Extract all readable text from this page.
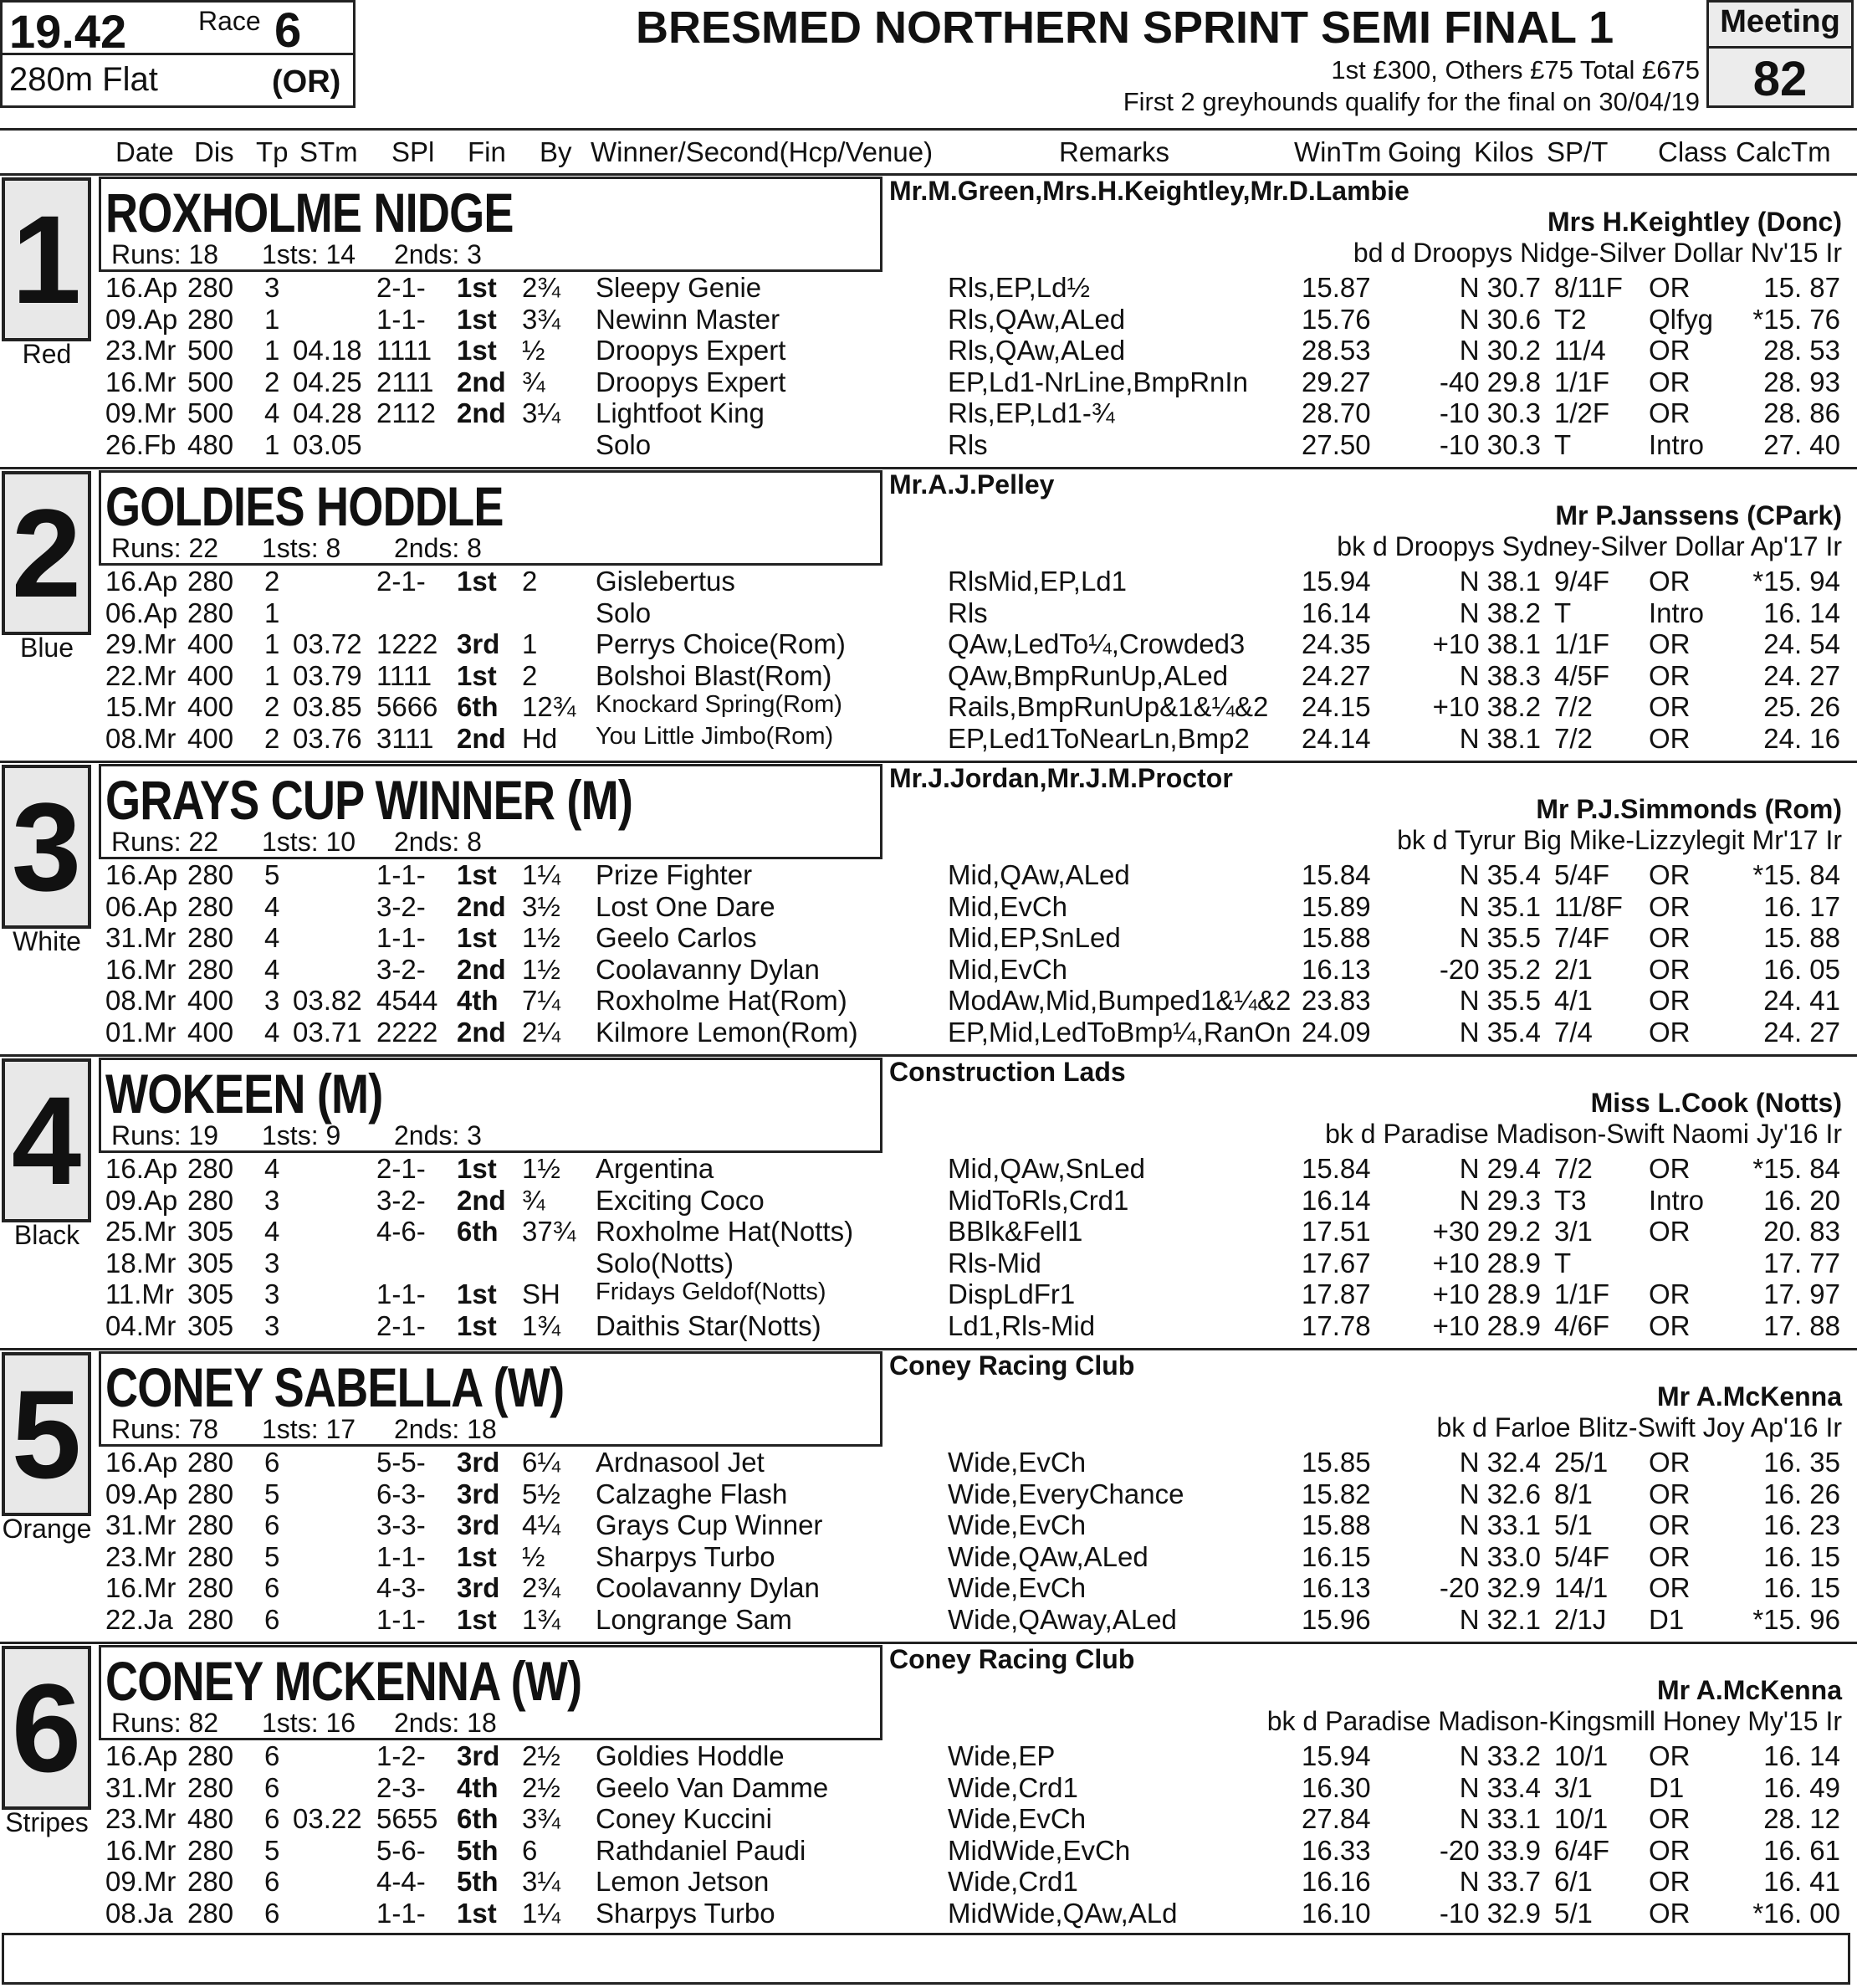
19.42	Race 6
280m Flat	(OR)
BRESMED NORTHERN SPRINT SEMI FINAL 1
1st £300, Others £75 Total £675
First 2 greyhounds qualify for the final on 30/04/19
Meeting
82
Date Dis Tp STm SPl Fin By Winner/Second(Hcp/Venue)	Remarks	WinTm Going Kilos SP/T Class CalcTm
1
Red
ROXHOLME NIDGE
Runs: 18 1sts: 14 2nds: 3
Mr.M.Green,Mrs.H.Keightley,Mr.D.Lambie
Mrs H.Keightley (Donc)
bd d Droopys Nidge-Silver Dollar Nv'15 Ir
16.Ap 280 3	2-1- 1st 2¾ Sleepy Genie	Rls,EP,Ld½	15.87	N 30.7 8/11F OR	15. 87
09.Ap 280 1	1-1- 1st 3¾ Newinn Master	Rls,QAw,ALed	15.76	N 30.6 T2 Qlfyg	*15. 76
23.Mr 500 1 04.18 1111 1st ½ Droopys Expert	Rls,QAw,ALed	28.53	N 30.2 11/4 OR	28. 53
16.Mr 500 2 04.25 2111 2nd ¾ Droopys Expert	EP,Ld1-NrLine,BmpRnIn 29.27	-40 29.8 1/1F OR	28. 93
09.Mr 500 4 04.28 2112 2nd 3¼ Lightfoot King	Rls,EP,Ld1-¾	28.70	-10 30.3 1/2F OR	28. 86
26.Fb 480 1 03.05	Solo	Rls	27.50	-10 30.3 T	Intro	27. 40
2
Blue
GOLDIES HODDLE
Runs: 22 1sts: 8 2nds: 8
Mr.A.J.Pelley
Mr P.Janssens (CPark)
bk d Droopys Sydney-Silver Dollar Ap'17 Ir
16.Ap 280 2	2-1- 1st 2 Gislebertus	RlsMid,EP,Ld1	15.94	N 38.1 9/4F OR	*15. 94
06.Ap 280 1	Solo	Rls	16.14	N 38.2 T	Intro	16. 14
29.Mr 400 1 03.72 1222 3rd 1 Perrys Choice(Rom)	QAw,LedTo¼,Crowded3 24.35	+10 38.1 1/1F OR	24. 54
22.Mr 400 1 03.79 1111 1st 2 Bolshoi Blast(Rom)	QAw,BmpRunUp,ALed	24.27	N 38.3 4/5F OR	24. 27
15.Mr 400 2 03.85 5666 6th 12¾ Knockard Spring(Rom)	Rails,BmpRunUp&1&¼&2 24.15	+10 38.2 7/2 OR	25. 26
08.Mr 400 2 03.76 3111 2nd Hd You Little Jimbo(Rom)	EP,Led1ToNearLn,Bmp2 24.14	N 38.1 7/2 OR	24. 16
3
White
GRAYS CUP WINNER (M)
Runs: 22 1sts: 10 2nds: 8
Mr.J.Jordan,Mr.J.M.Proctor
Mr P.J.Simmonds (Rom)
bk d Tyrur Big Mike-Lizzylegit Mr'17 Ir
16.Ap 280 5	1-1- 1st 1¼ Prize Fighter	Mid,QAw,ALed	15.84	N 35.4 5/4F OR	*15. 84
06.Ap 280 4	3-2- 2nd 3½ Lost One Dare	Mid,EvCh	15.89	N 35.1 11/8F OR	16. 17
31.Mr 280 4	1-1- 1st 1½ Geelo Carlos	Mid,EP,SnLed	15.88	N 35.5 7/4F OR	15. 88
16.Mr 280 4	3-2- 2nd 1½ Coolavanny Dylan	Mid,EvCh	16.13	-20 35.2 2/1 OR	16. 05
08.Mr 400 3 03.82 4544 4th 7¼ Roxholme Hat(Rom)	ModAw,Mid,Bumped1&¼&2 23.83	N 35.5 4/1 OR	24. 41
01.Mr 400 4 03.71 2222 2nd 2¼ Kilmore Lemon(Rom)	EP,Mid,LedToBmp¼,RanOn 24.09	N 35.4 7/4 OR	24. 27
4
Black
WOKEEN (M)
Runs: 19 1sts: 9 2nds: 3
Construction Lads
Miss L.Cook (Notts)
bk d Paradise Madison-Swift Naomi Jy'16 Ir
16.Ap 280 4	2-1- 1st 1½ Argentina	Mid,QAw,SnLed	15.84	N 29.4 7/2 OR	*15. 84
09.Ap 280 3	3-2- 2nd ¾ Exciting Coco	MidToRls,Crd1	16.14	N 29.3 T3 Intro	16. 20
25.Mr 305 4	4-6- 6th 37¾ Roxholme Hat(Notts)	BBlk&Fell1	17.51	+30 29.2 3/1 OR	20. 83
18.Mr 305 3	Solo(Notts)	Rls-Mid	17.67	+10 28.9 T	17. 77
11.Mr 305 3	1-1- 1st SH Fridays Geldof(Notts)	DispLdFr1	17.87	+10 28.9 1/1F OR	17. 97
04.Mr 305 3	2-1- 1st 1¾ Daithis Star(Notts)	Ld1,Rls-Mid	17.78	+10 28.9 4/6F OR	17. 88
5
Orange
CONEY SABELLA (W)
Runs: 78 1sts: 17 2nds: 18
Coney Racing Club
Mr A.McKenna
bk d Farloe Blitz-Swift Joy Ap'16 Ir
16.Ap 280 6	5-5- 3rd 6¼ Ardnasool Jet	Wide,EvCh	15.85	N 32.4 25/1 OR	16. 35
09.Ap 280 5	6-3- 3rd 5½ Calzaghe Flash	Wide,EveryChance	15.82	N 32.6 8/1 OR	16. 26
31.Mr 280 6	3-3- 3rd 4¼ Grays Cup Winner	Wide,EvCh	15.88	N 33.1 5/1 OR	16. 23
23.Mr 280 5	1-1- 1st ½ Sharpys Turbo	Wide,QAw,ALed	16.15	N 33.0 5/4F OR	16. 15
16.Mr 280 6	4-3- 3rd 2¾ Coolavanny Dylan	Wide,EvCh	16.13	-20 32.9 14/1 OR	16. 15
22.Ja 280 6	1-1- 1st 1¾ Longrange Sam	Wide,QAway,ALed	15.96	N 32.1 2/1J D1	*15. 96
6
Stripes
CONEY MCKENNA (W)
Runs: 82 1sts: 16 2nds: 18
Coney Racing Club
Mr A.McKenna
bk d Paradise Madison-Kingsmill Honey My'15 Ir
16.Ap 280 6	1-2- 3rd 2½ Goldies Hoddle	Wide,EP	15.94	N 33.2 10/1 OR	16. 14
31.Mr 280 6	2-3- 4th 2½ Geelo Van Damme	Wide,Crd1	16.30	N 33.4 3/1 D1	16. 49
23.Mr 480 6 03.22 5655 6th 3¾ Coney Kuccini	Wide,EvCh	27.84	N 33.1 10/1 OR	28. 12
16.Mr 280 5	5-6- 5th 6 Rathdaniel Paudi	MidWide,EvCh	16.33	-20 33.9 6/4F OR	16. 61
09.Mr 280 6	4-4- 5th 3¼ Lemon Jetson	Wide,Crd1	16.16	N 33.7 6/1 OR	16. 41
08.Ja 280 6	1-1- 1st 1¼ Sharpys Turbo	MidWide,QAw,ALd	16.10	-10 32.9 5/1 OR	*16. 00
